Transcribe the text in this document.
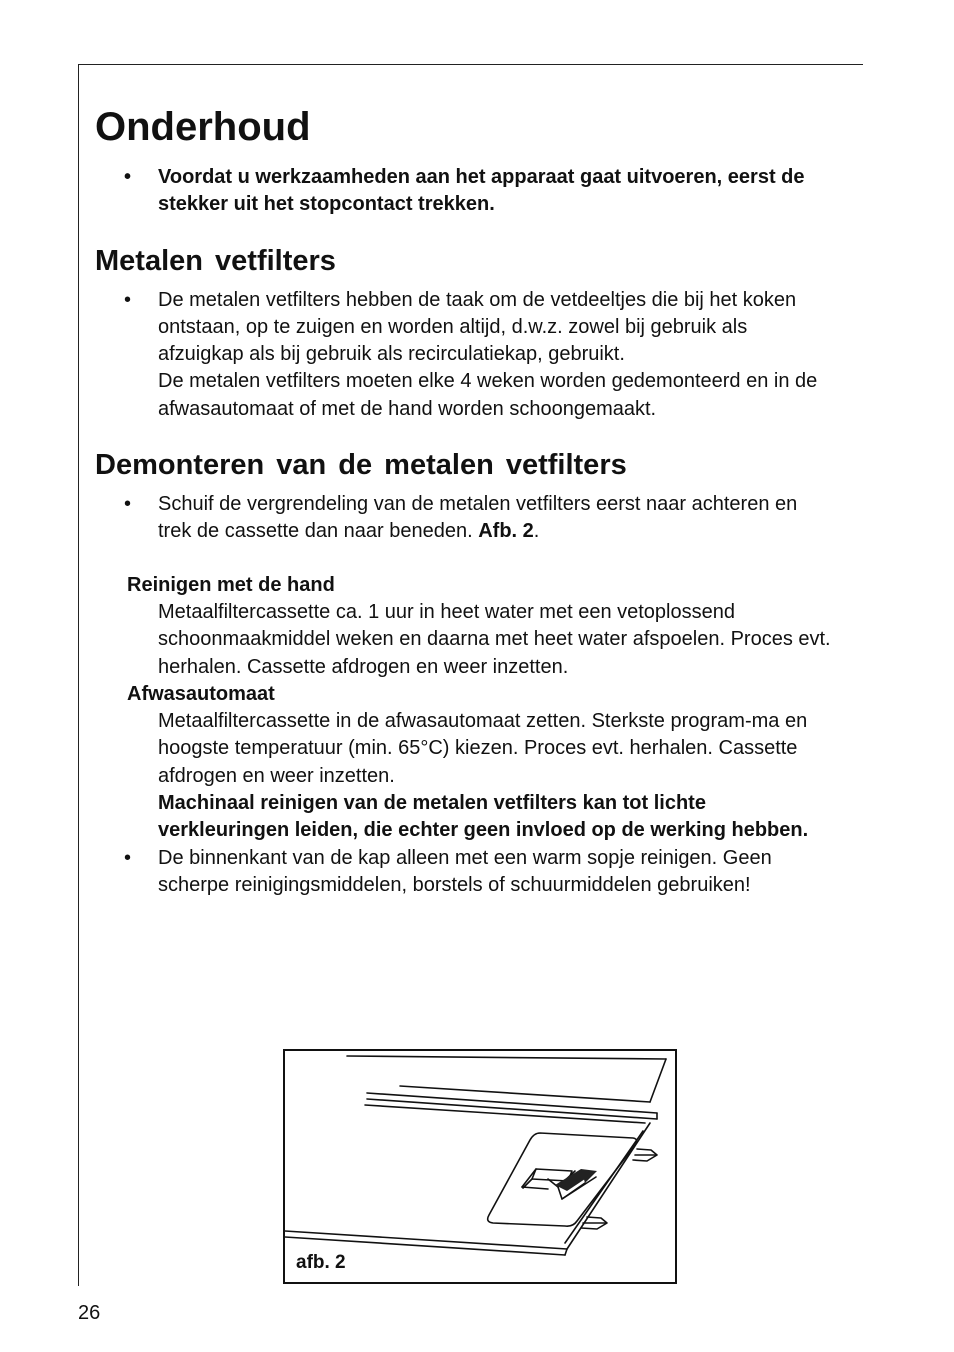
Onderhoud
• Voordat u werkzaamheden aan het apparaat gaat uitvoeren, eerst de stekker uit het stopcontact trekken.
Metalen vetfilters
• De metalen vetfilters hebben de taak om de vetdeeltjes die bij het koken ontstaan, op te zuigen en worden altijd, d.w.z. zowel bij gebruik als afzuigkap als bij gebruik als recirculatiekap, gebruikt.
De metalen vetfilters moeten elke 4 weken worden gedemonteerd en in de afwasautomaat of met de hand worden schoongemaakt.
Demonteren van de metalen vetfilters
• Schuif de vergrendeling van de metalen vetfilters eerst naar achteren en trek de cassette dan naar beneden. Afb. 2.
Reinigen met de hand
Metaalfiltercassette ca. 1 uur in heet water met een vetoplossend schoonmaakmiddel weken en daarna met heet water afspoelen. Proces evt. herhalen. Cassette afdrogen en weer inzetten.
Afwasautomaat
Metaalfiltercassette in de afwasautomaat zetten. Sterkste program-ma en hoogste temperatuur (min. 65°C) kiezen. Proces evt. herhalen. Cassette afdrogen en weer inzetten.
Machinaal reinigen van de metalen vetfilters kan tot lichte verkleuringen leiden, die echter geen invloed op de werking hebben.
• De binnenkant van de kap alleen met een warm sopje reinigen. Geen scherpe reinigingsmiddelen, borstels of schuurmiddelen gebruiken!
afb. 2
26
